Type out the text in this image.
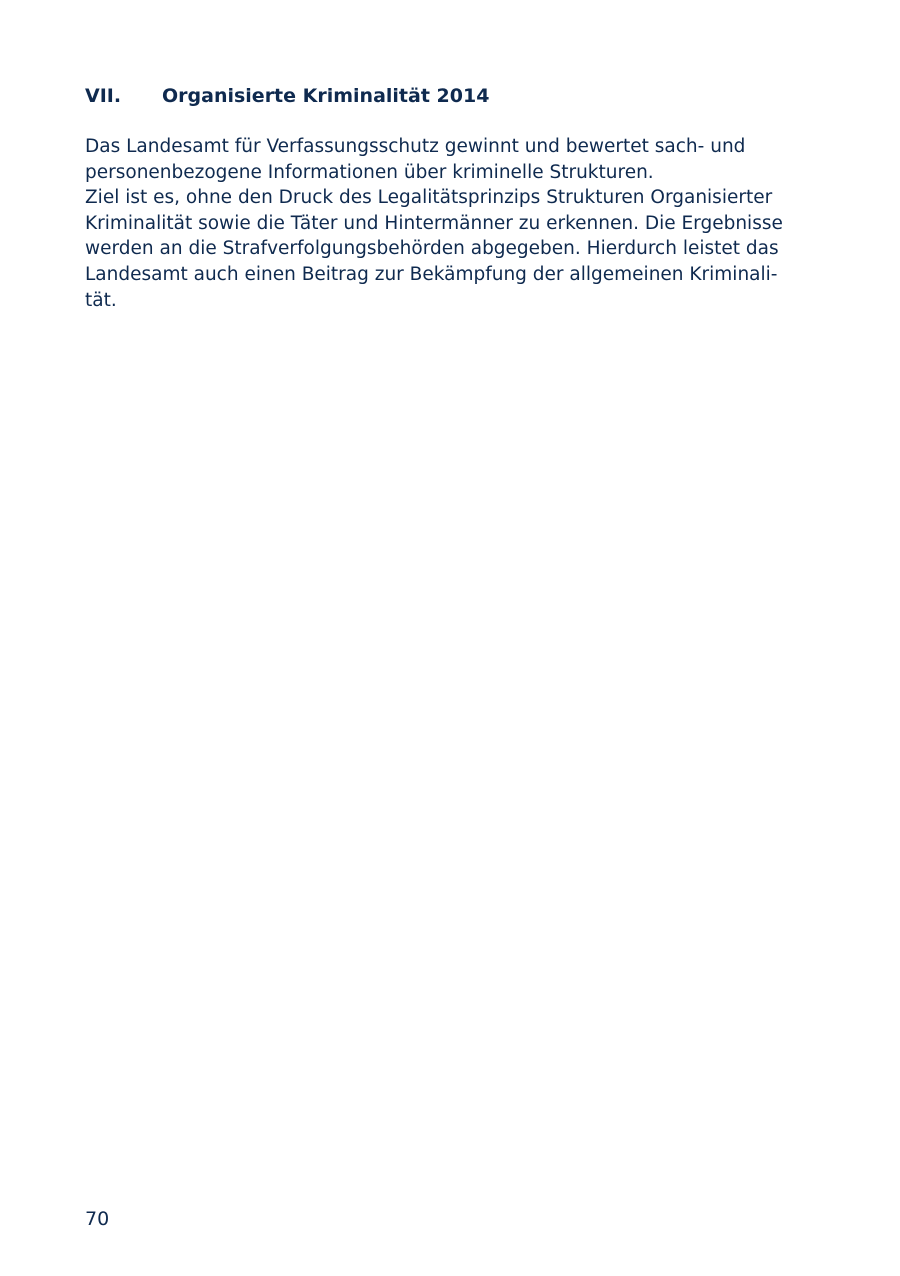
VII.	Organisierte Kriminalität 2014
Das Landesamt für Verfassungsschutz gewinnt und bewertet sach- und
personenbezogene Informationen über kriminelle Strukturen.
Ziel ist es, ohne den Druck des Legalitätsprinzips Strukturen Organisierter
Kriminalität sowie die Täter und Hintermänner zu erkennen. Die Ergebnisse
werden an die Strafverfolgungsbehörden abgegeben. Hierdurch leistet das
Landesamt auch einen Beitrag zur Bekämpfung der allgemeinen Kriminali-
tät.
70
